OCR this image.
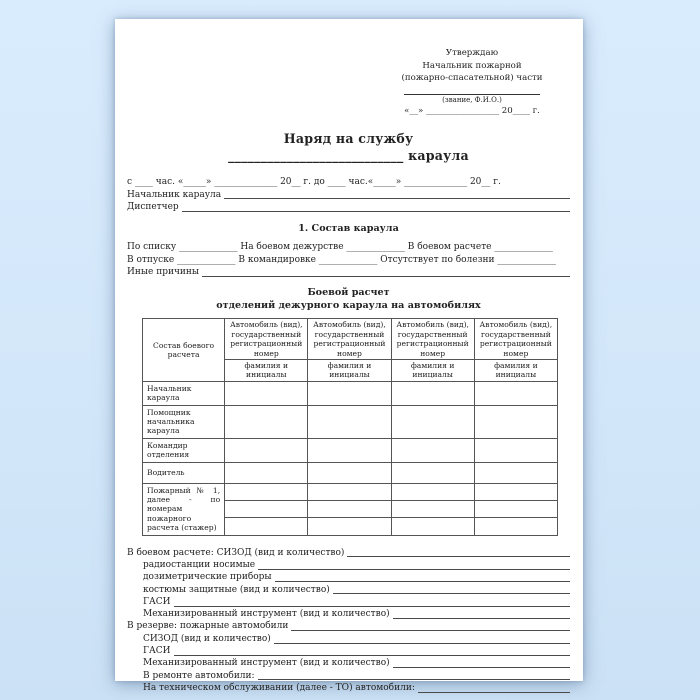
Утверждаю
Начальник пожарной
(пожарно-спасательной) части
(звание, Ф.И.О.)
«__» _________________ 20____ г.
Наряд на службу
___________________________ караула
с ____ час. «_____» ______________ 20__ г. до ____ час.«_____» ______________ 20__ г.
Начальник караула
Диспетчер
1. Состав караула
По списку _____________ На боевом дежурстве _____________ В боевом расчете _____________
В отпуске _____________ В командировке _____________ Отсутствует по болезни _____________
Иные причины
Боевой расчет
отделений дежурного караула на автомобилях
Состав боевого расчета	Автомобиль (вид), государственный регистрационный номер	Автомобиль (вид), государственный регистрационный номер	Автомобиль (вид), государственный регистрационный номер	Автомобиль (вид), государственный регистрационный номер
	фамилия и инициалы	фамилия и инициалы	фамилия и инициалы	фамилия и инициалы
Начальник караула				
Помощник начальника караула				
Командир отделения				
Водитель				
Пожарный № 1, далее - по номерам пожарного расчета (стажер)				

В боевом расчете: СИЗОД (вид и количество)
радиостанции носимые
дозиметрические приборы
костюмы защитные (вид и количество)
ГАСИ
Механизированный инструмент (вид и количество)
В резерве: пожарные автомобили
СИЗОД (вид и количество)
ГАСИ
Механизированный инструмент (вид и количество)
В ремонте автомобили:
На техническом обслуживании (далее - ТО) автомобили:
